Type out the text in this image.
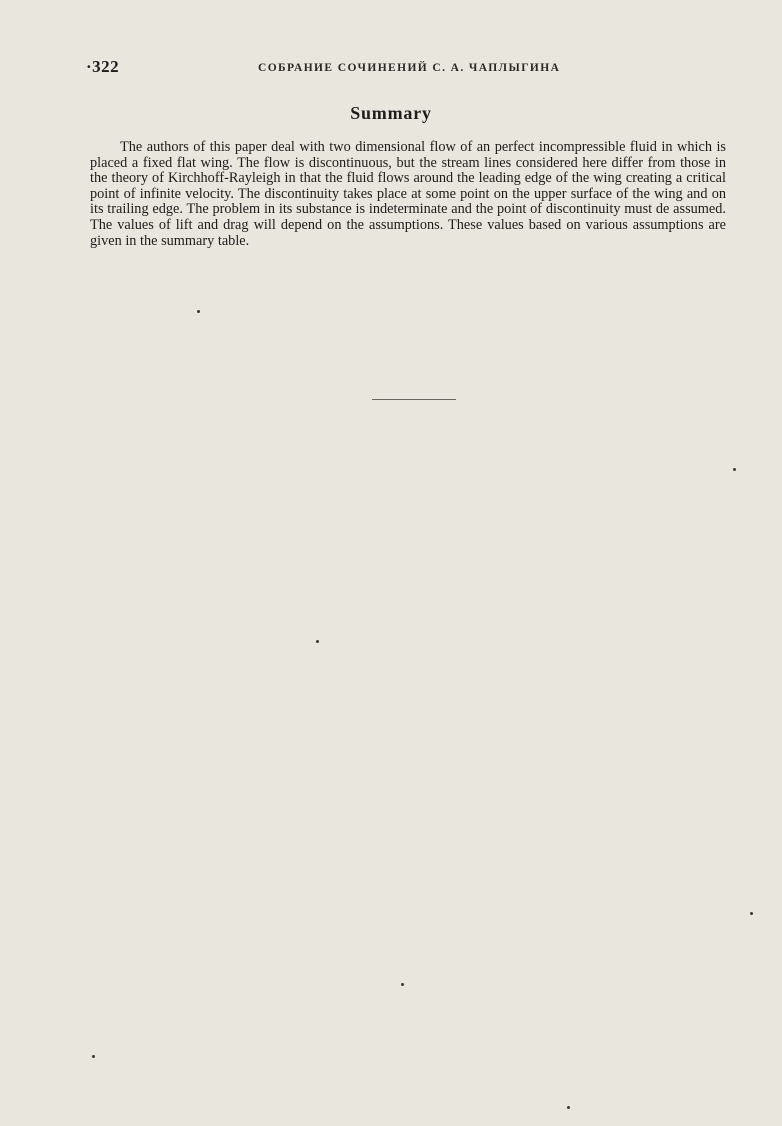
·322	СОБРАНИЕ СОЧИНЕНИЙ С. А. ЧАПЛЫГИНА
Summary

The authors of this paper deal with two dimensional flow of an perfect incompressible fluid in which is placed a fixed flat wing. The flow is discontinuous, but the stream lines considered here differ from those in the theory of Kirchhoff-Rayleigh in that the fluid flows around the leading edge of the wing creating a critical point of infinite velocity. The discontinuity takes place at some point on the upper surface of the wing and on its trailing edge. The problem in its substance is indeterminate and the point of discontinuity must de assumed. The values of lift and drag will depend on the assumptions. These values based on various assumptions are given in the summary table.
